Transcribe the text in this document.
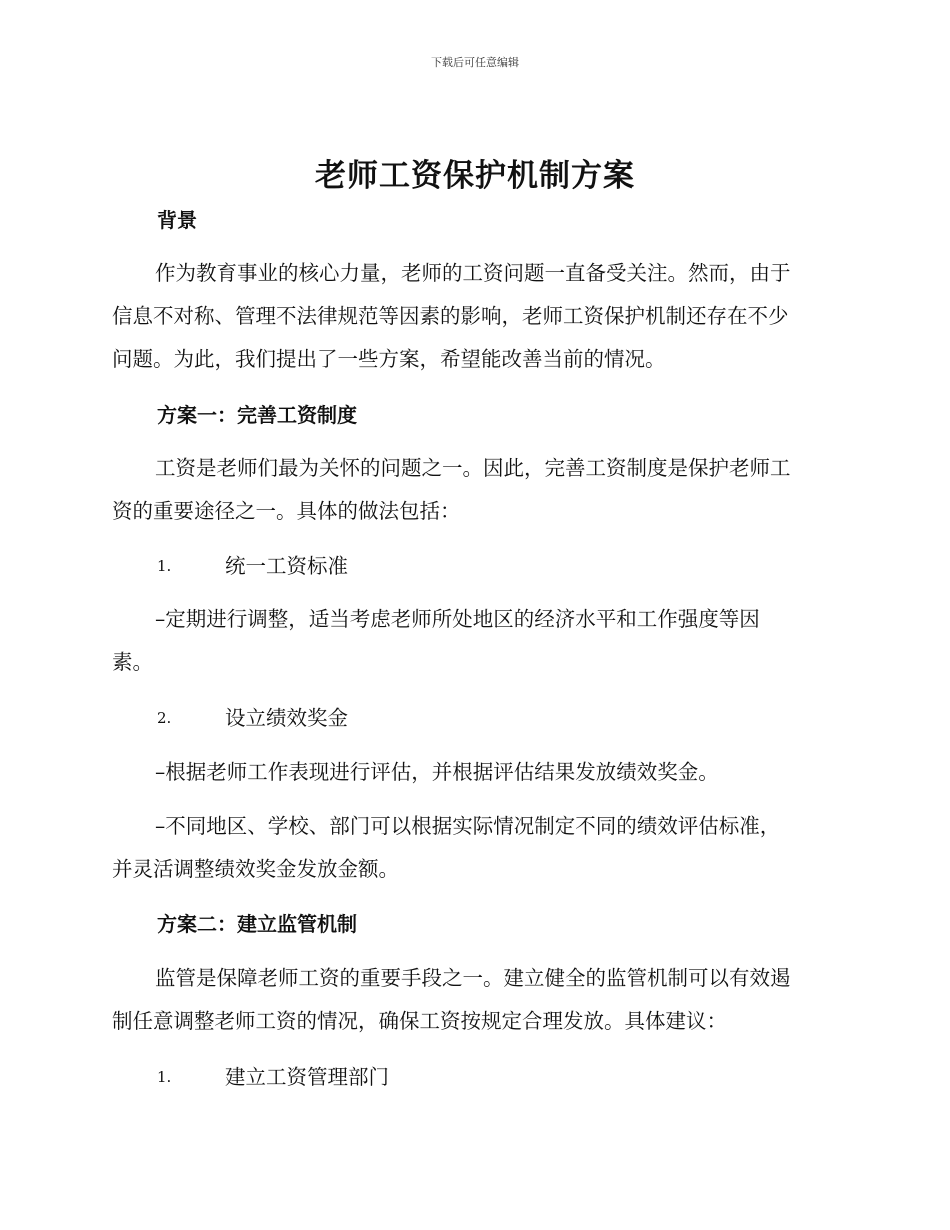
下载后可任意编辑
老师工资保护机制方案
背景
作为教育事业的核心力量，老师的工资问题一直备受关注。然而，由于
信息不对称、管理不法律规范等因素的影响，老师工资保护机制还存在不少
问题。为此，我们提出了一些方案，希望能改善当前的情况。
方案一：完善工资制度
工资是老师们最为关怀的问题之一。因此，完善工资制度是保护老师工
资的重要途径之一。具体的做法包括：
1.	统一工资标准
–定期进行调整，适当考虑老师所处地区的经济水平和工作强度等因
素。
2.	设立绩效奖金
–根据老师工作表现进行评估，并根据评估结果发放绩效奖金。
–不同地区、学校、部门可以根据实际情况制定不同的绩效评估标准，
并灵活调整绩效奖金发放金额。
方案二：建立监管机制
监管是保障老师工资的重要手段之一。建立健全的监管机制可以有效遏
制任意调整老师工资的情况，确保工资按规定合理发放。具体建议：
1.	建立工资管理部门
